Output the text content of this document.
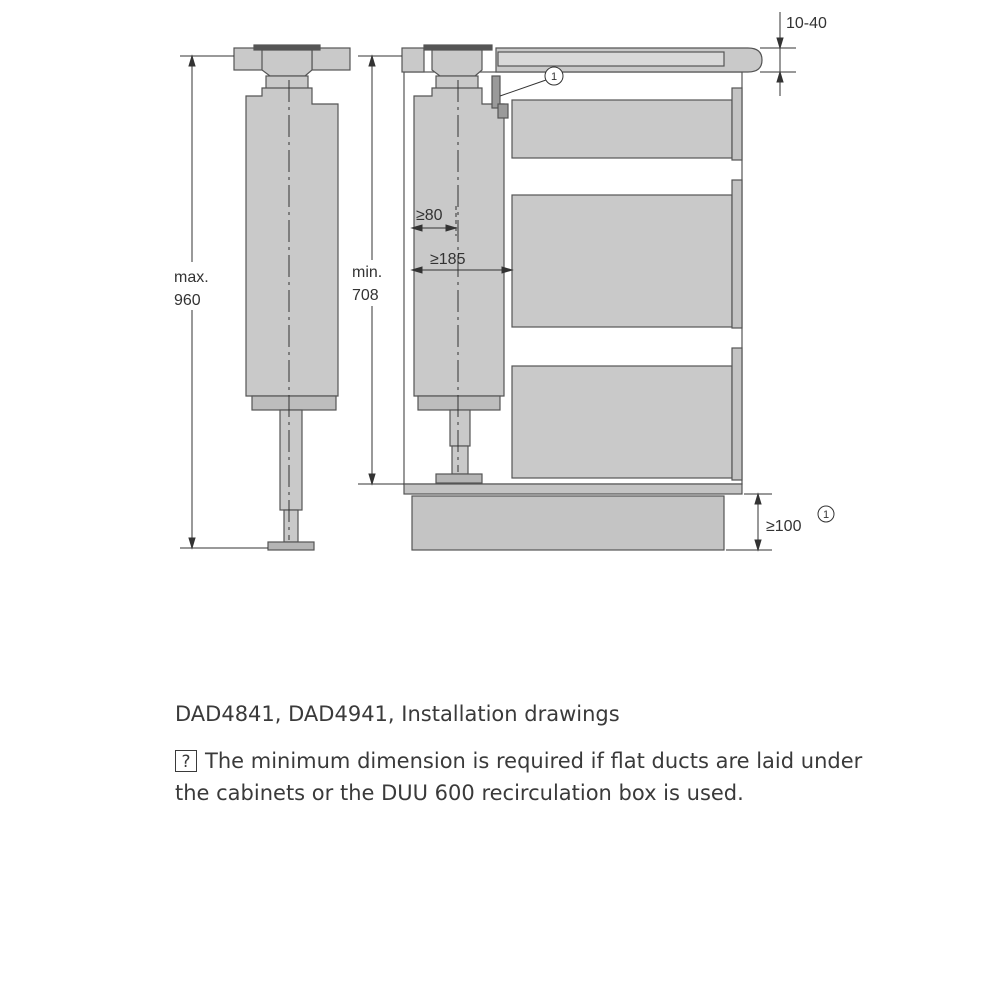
max.
960
min.
708
≥80
≥185
10-40
≥100
1
1

DAD4841, DAD4941, Installation drawings

? The minimum dimension is required if flat ducts are laid under the cabinets or the DUU 600 recirculation box is used.
